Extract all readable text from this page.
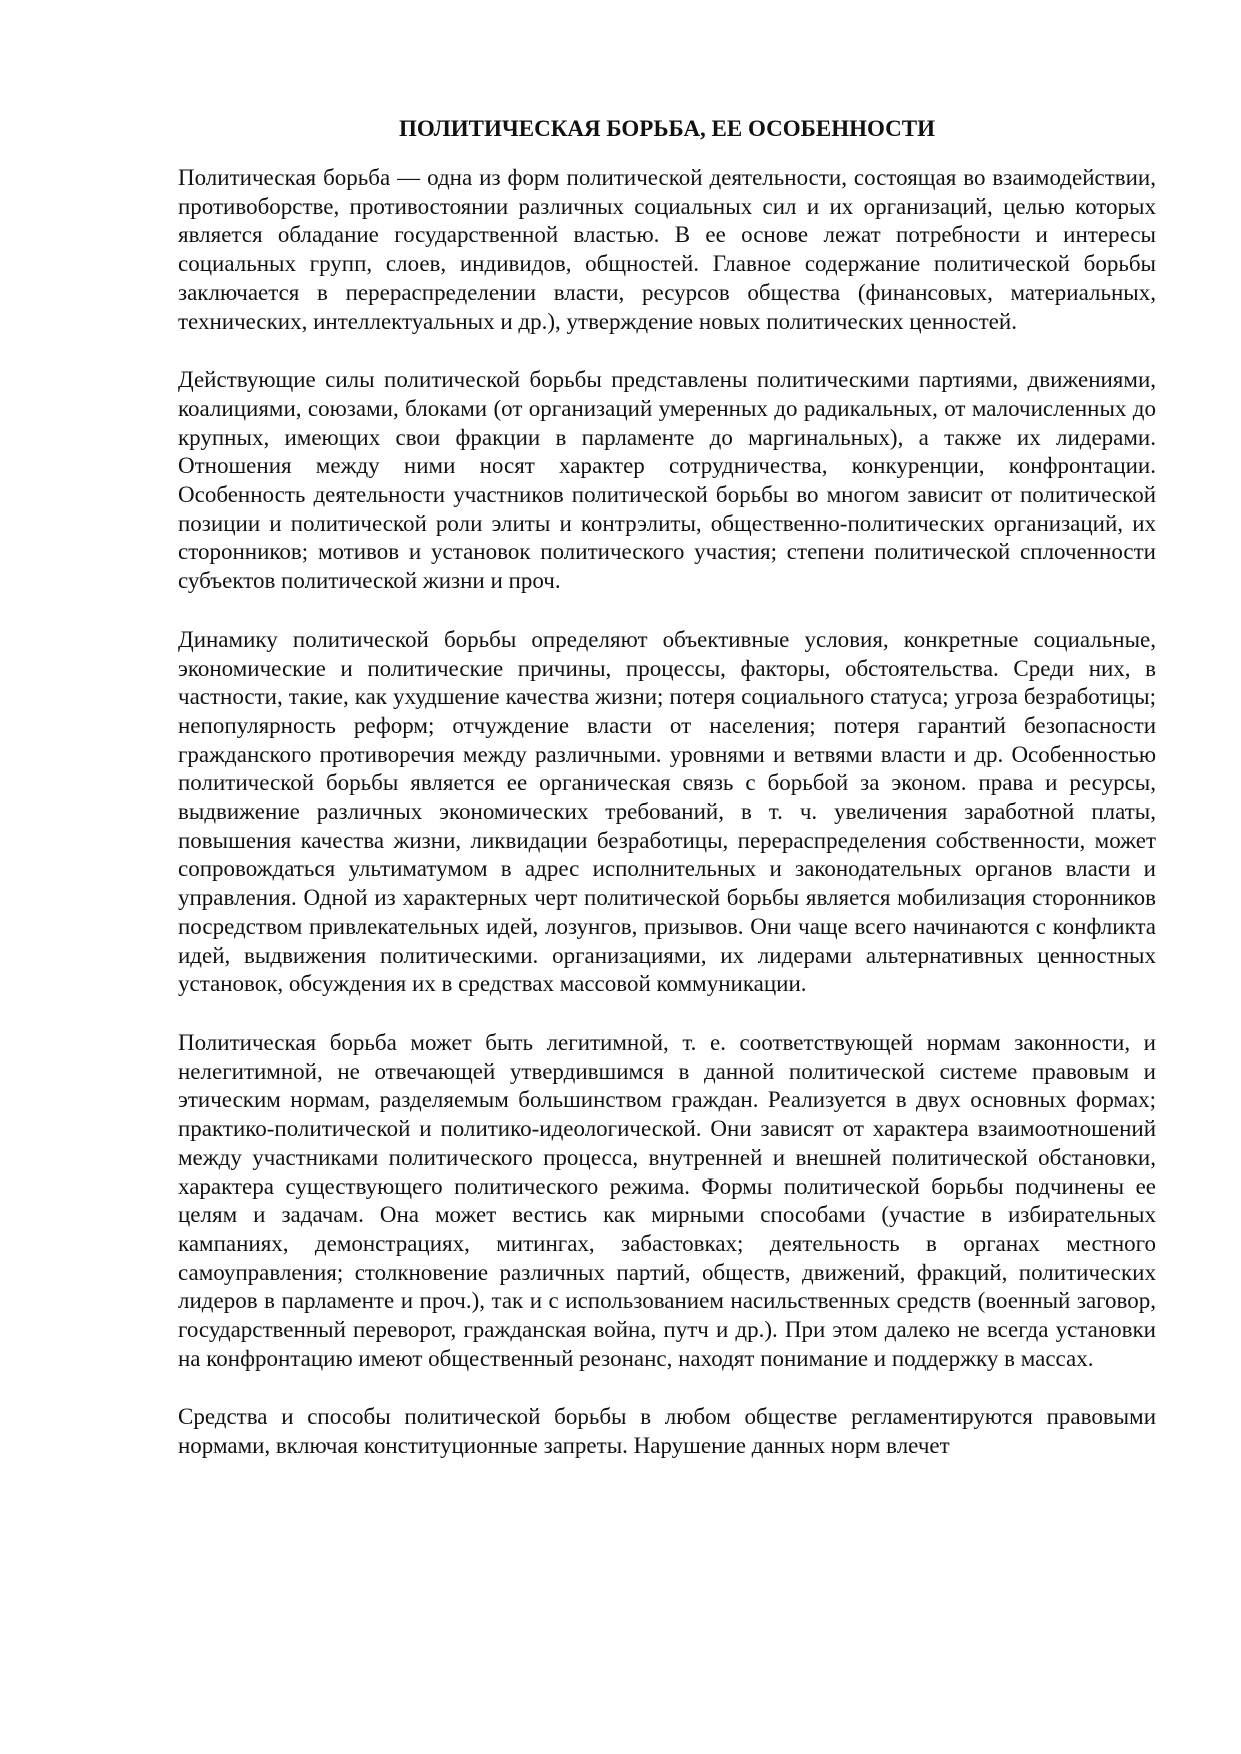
ПОЛИТИЧЕСКАЯ БОРЬБА, ЕЕ ОСОБЕННОСТИ

Политическая борьба — одна из форм политической деятельности, состоящая во взаимодействии, противоборстве, противостоянии различных социальных сил и их организаций, целью которых является обладание государственной властью. В ее основе лежат потребности и интересы социальных групп, слоев, индивидов, общностей. Главное содержание политической борьбы заключается в перераспределении власти, ресурсов общества (финансовых, материальных, технических, интеллектуальных и др.), утверждение новых политических ценностей.

Действующие силы политической борьбы представлены политическими партиями, движениями, коалициями, союзами, блоками (от организаций умеренных до радикальных, от малочисленных до крупных, имеющих свои фракции в парламенте до маргинальных), а также их лидерами. Отношения между ними носят характер сотрудничества, конкуренции, конфронтации. Особенность деятельности участников политической борьбы во многом зависит от политической позиции и политической роли элиты и контрэлиты, общественно-политических организаций, их сторонников; мотивов и установок политического участия; степени политической сплоченности субъектов политической жизни и проч.

Динамику политической борьбы определяют объективные условия, конкретные социальные, экономические и политические причины, процессы, факторы, обстоятельства. Среди них, в частности, такие, как ухудшение качества жизни; потеря социального статуса; угроза безработицы; непопулярность реформ; отчуждение власти от населения; потеря гарантий безопасности гражданского противоречия между различными. уровнями и ветвями власти и др. Особенностью политической борьбы является ее органическая связь с борьбой за эконом. права и ресурсы, выдвижение различных экономических требований, в т. ч. увеличения заработной платы, повышения качества жизни, ликвидации безработицы, перераспределения собственности, может сопровождаться ультиматумом в адрес исполнительных и законодательных органов власти и управления. Одной из характерных черт политической борьбы является мобилизация сторонников посредством привлекательных идей, лозунгов, призывов. Они чаще всего начинаются с конфликта идей, выдвижения политическими. организациями, их лидерами альтернативных ценностных установок, обсуждения их в средствах массовой коммуникации.

Политическая борьба может быть легитимной, т. е. соответствующей нормам законности, и нелегитимной, не отвечающей утвердившимся в данной политической системе правовым и этическим нормам, разделяемым большинством граждан. Реализуется в двух основных формах; практико-политической и политико-идеологической. Они зависят от характера взаимоотношений между участниками политического процесса, внутренней и внешней политической обстановки, характера существующего политического режима. Формы политической борьбы подчинены ее целям и задачам. Она может вестись как мирными способами (участие в избирательных кампаниях, демонстрациях, митингах, забастовках; деятельность в органах местного самоуправления; столкновение различных партий, обществ, движений, фракций, политических лидеров в парламенте и проч.), так и с использованием насильственных средств (военный заговор, государственный переворот, гражданская война, путч и др.). При этом далеко не всегда установки на конфронтацию имеют общественный резонанс, находят понимание и поддержку в массах.

Средства и способы политической борьбы в любом обществе регламентируются правовыми нормами, включая конституционные запреты. Нарушение данных норм влечет
